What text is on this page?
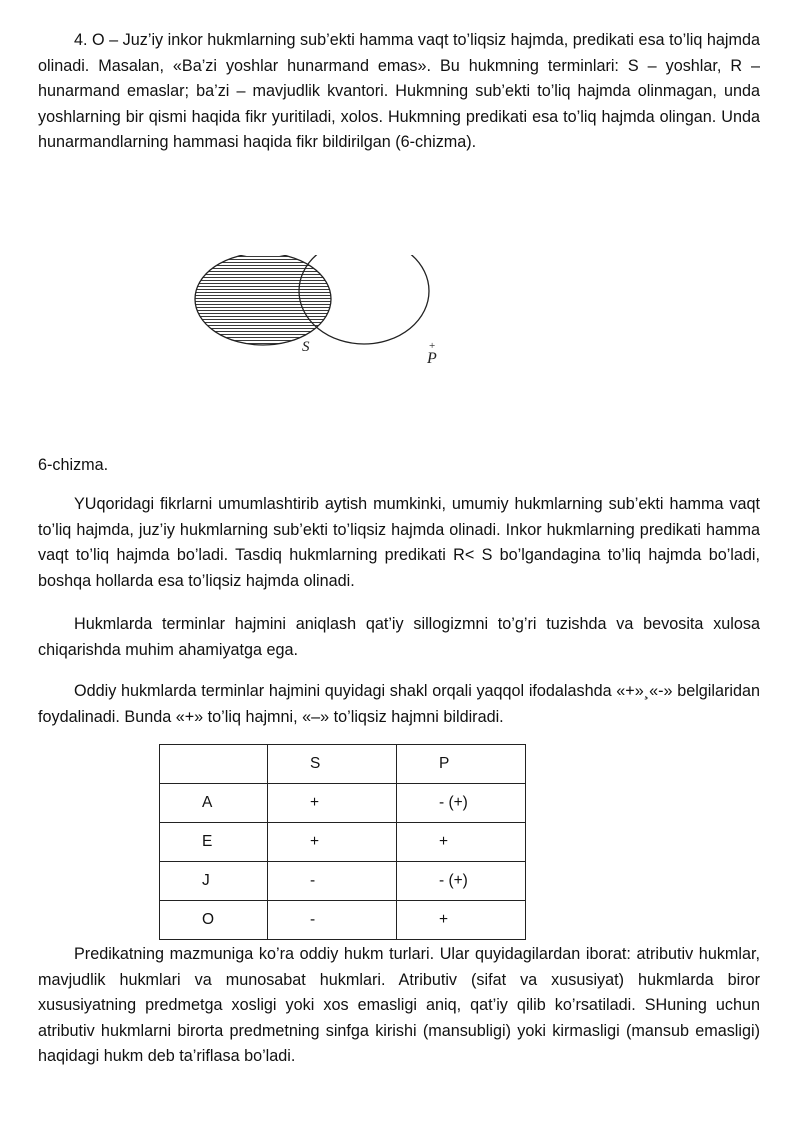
4. O – Juz’iy inkor hukmlarning sub’ekti hamma vaqt to’liqsiz hajmda, predikati esa to’liq hajmda olinadi. Masalan, «Ba’zi yoshlar hunarmand emas». Bu hukmning terminlari: S – yoshlar, R – hunarmand emaslar; ba’zi – mavjudlik kvantori. Hukmning sub’ekti to’liq hajmda olinmagan, unda yoshlarning bir qismi haqida fikr yuritiladi, xolos. Hukmning predikati esa to’liq hajmda olingan. Unda hunarmandlarning hammasi haqida fikr bildirilgan (6-chizma).

S	+
P

6-chizma.

YUqoridagi fikrlarni umumlashtirib aytish mumkinki, umumiy hukmlarning sub’ekti hamma vaqt to’liq hajmda, juz’iy hukmlarning sub’ekti to’liqsiz hajmda olinadi. Inkor hukmlarning predikati hamma vaqt to’liq hajmda bo’ladi. Tasdiq hukmlarning predikati R< S bo’lgandagina to’liq hajmda bo’ladi, boshqa hollarda esa to’liqsiz hajmda olinadi.

Hukmlarda terminlar hajmini aniqlash qat’iy sillogizmni to’g’ri tuzishda va bevosita xulosa chiqarishda muhim ahamiyatga ega.

Oddiy hukmlarda terminlar hajmini quyidagi shakl orqali yaqqol ifodalashda «+»¸«-» belgilaridan foydalinadi. Bunda «+» to’liq hajmni, «–» to’liqsiz hajmni bildiradi.

	S	P
A	+	- (+)
E	+	+
J	-	- (+)
O	-	+

Predikatning mazmuniga ko’ra oddiy hukm turlari. Ular quyidagilardan iborat: atributiv hukmlar, mavjudlik hukmlari va munosabat hukmlari. Atributiv (sifat va xususiyat) hukmlarda biror xususiyatning predmetga xosligi yoki xos emasligi aniq, qat’iy qilib ko’rsatiladi. SHuning uchun atributiv hukmlarni birorta predmetning sinfga kirishi (mansubligi) yoki kirmasligi (mansub emasligi) haqidagi hukm deb ta’riflasa bo’ladi.
